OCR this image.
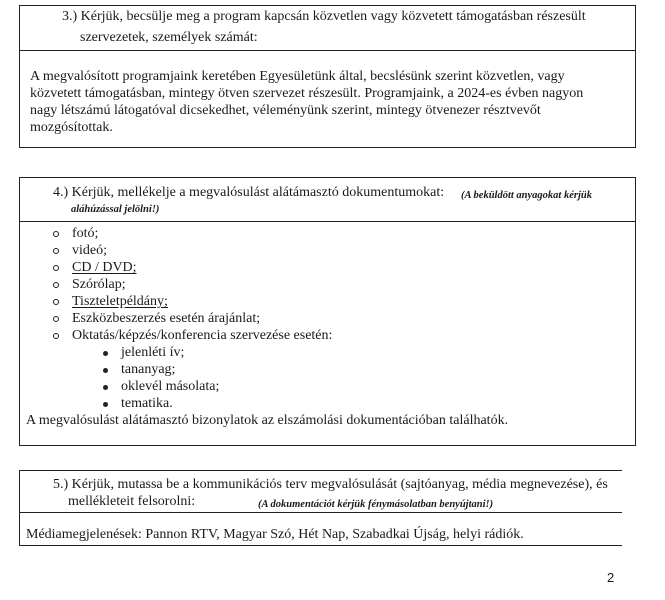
3.) Kérjük, becsülje meg a program kapcsán közvetlen vagy közvetett támogatásban részesült
szervezetek, személyek számát:
A megvalósított programjaink keretében Egyesületünk által, becslésünk szerint közvetlen, vagy
közvetett támogatásban, mintegy ötven szervezet részesült. Programjaink, a 2024-es évben nagyon
nagy létszámú látogatóval dicsekedhet, véleményünk szerint, mintegy ötvenezer résztvevőt
mozgósítottak.
4.) Kérjük, mellékelje a megvalósulást alátámasztó dokumentumokat: (A beküldött anyagokat kérjük
aláhúzással jelölni!)
fotó;
videó;
CD / DVD;
Szórólap;
Tiszteletpéldány;
Eszközbeszerzés esetén árajánlat;
Oktatás/képzés/konferencia szervezése esetén:
jelenléti ív;
tananyag;
oklevél másolata;
tematika.
A megvalósulást alátámasztó bizonylatok az elszámolási dokumentációban találhatók.
5.) Kérjük, mutassa be a kommunikációs terv megvalósulását (sajtóanyag, média megnevezése), és
mellékleteit felsorolni:	(A dokumentációt kérjük fénymásolatban benyújtani!)
Médiamegjelenések: Pannon RTV, Magyar Szó, Hét Nap, Szabadkai Újság, helyi rádiók.
2
